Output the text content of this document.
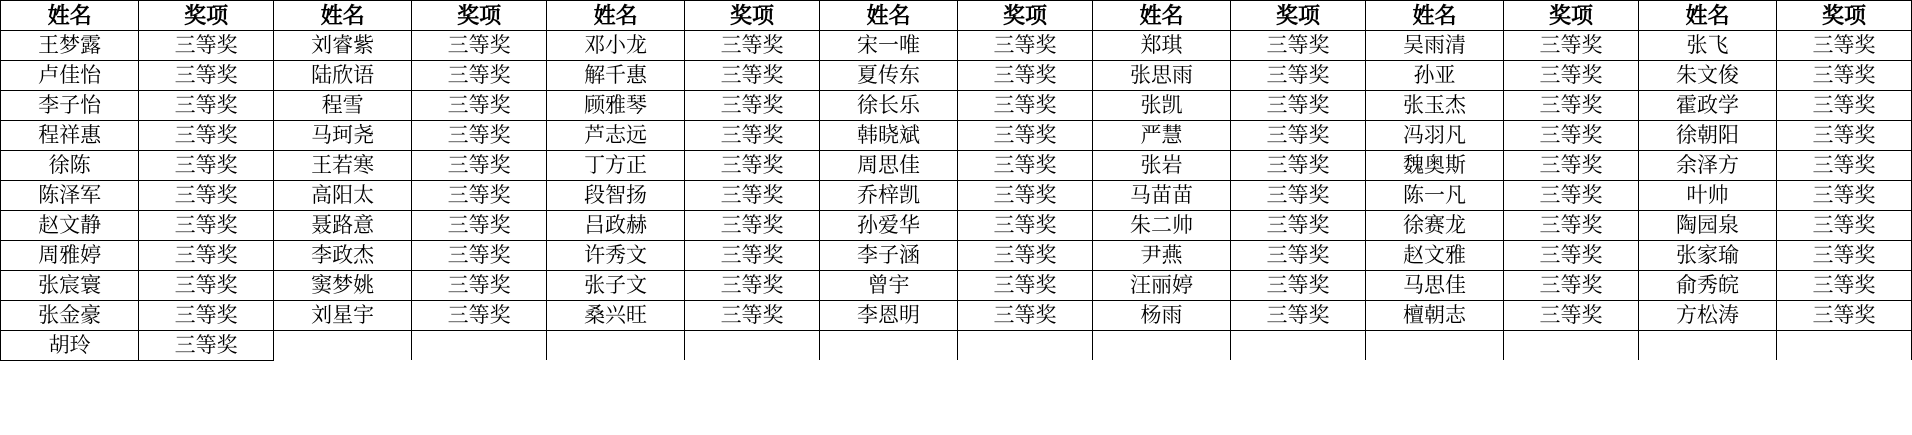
姓名	奖项	姓名	奖项	姓名	奖项	姓名	奖项	姓名	奖项	姓名	奖项	姓名	奖项
王梦露	三等奖	刘睿紫	三等奖	邓小龙	三等奖	宋一唯	三等奖	郑琪	三等奖	吴雨清	三等奖	张飞	三等奖
卢佳怡	三等奖	陆欣语	三等奖	解千惠	三等奖	夏传东	三等奖	张思雨	三等奖	孙亚	三等奖	朱文俊	三等奖
李子怡	三等奖	程雪	三等奖	顾雅琴	三等奖	徐长乐	三等奖	张凯	三等奖	张玉杰	三等奖	霍政学	三等奖
程祥惠	三等奖	马珂尧	三等奖	芦志远	三等奖	韩晓斌	三等奖	严慧	三等奖	冯羽凡	三等奖	徐朝阳	三等奖
徐陈	三等奖	王若寒	三等奖	丁方正	三等奖	周思佳	三等奖	张岩	三等奖	魏奥斯	三等奖	余泽方	三等奖
陈泽军	三等奖	高阳太	三等奖	段智扬	三等奖	乔梓凯	三等奖	马苗苗	三等奖	陈一凡	三等奖	叶帅	三等奖
赵文静	三等奖	聂路意	三等奖	吕政赫	三等奖	孙爱华	三等奖	朱二帅	三等奖	徐赛龙	三等奖	陶园泉	三等奖
周雅婷	三等奖	李政杰	三等奖	许秀文	三等奖	李子涵	三等奖	尹燕	三等奖	赵文雅	三等奖	张家瑜	三等奖
张宸寰	三等奖	窦梦姚	三等奖	张子文	三等奖	曾宇	三等奖	汪丽婷	三等奖	马思佳	三等奖	俞秀皖	三等奖
张金豪	三等奖	刘星宇	三等奖	桑兴旺	三等奖	李恩明	三等奖	杨雨	三等奖	檀朝志	三等奖	方松涛	三等奖
胡玲	三等奖												
